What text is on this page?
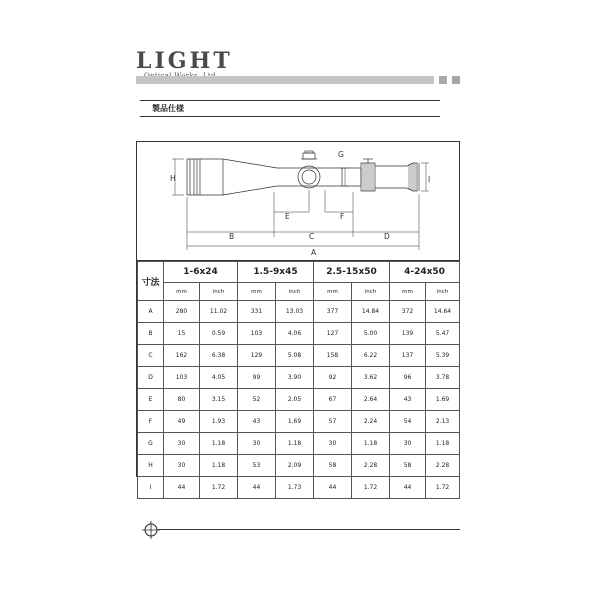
LIGHT
製品仕様
H
G
I
E	F
B	C	D
A
寸法	1-6x24		1.5-9x45		2.5-15x50		4-24x50	
	mm	inch	mm	inch	mm	inch	mm	inch
A	280	11.02	331	13.03	377	14.84	372	14.64
B	15	0.59	103	4.06	127	5.00	139	5.47
C	162	6.38	129	5.08	158	6.22	137	5.39
D	103	4.05	99	3.90	92	3.62	96	3.78
E	80	3.15	52	2.05	67	2.64	43	1.69
F	49	1.93	43	1.69	57	2.24	54	2.13
G	30	1.18	30	1.18	30	1.18	30	1.18
H	30	1.18	53	2.09	58	2.28	58	2.28
I	44	1.72	44	1.73	44	1.72	44	1.72
